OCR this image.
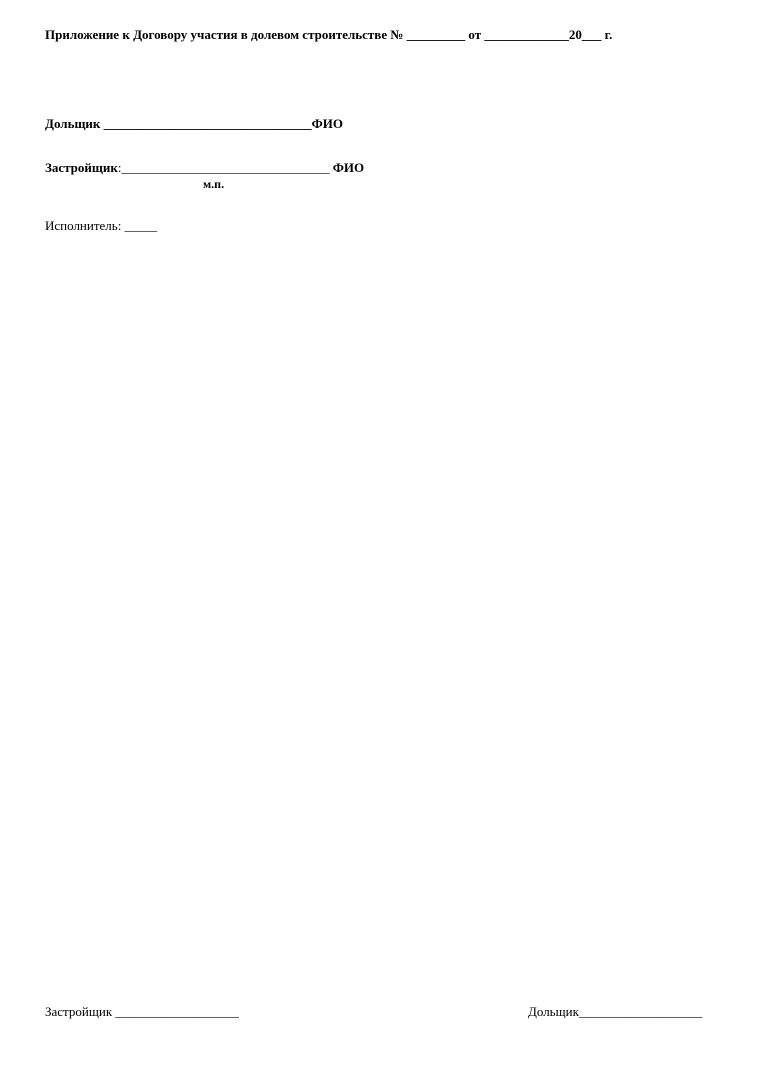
Приложение к Договору участия в долевом строительстве № _________ от _____________20___ г.
Дольщик ________________________________ФИО
Застройщик:________________________________ ФИО
м.п.
Исполнитель: _____
Застройщик ___________________	Дольщик___________________
